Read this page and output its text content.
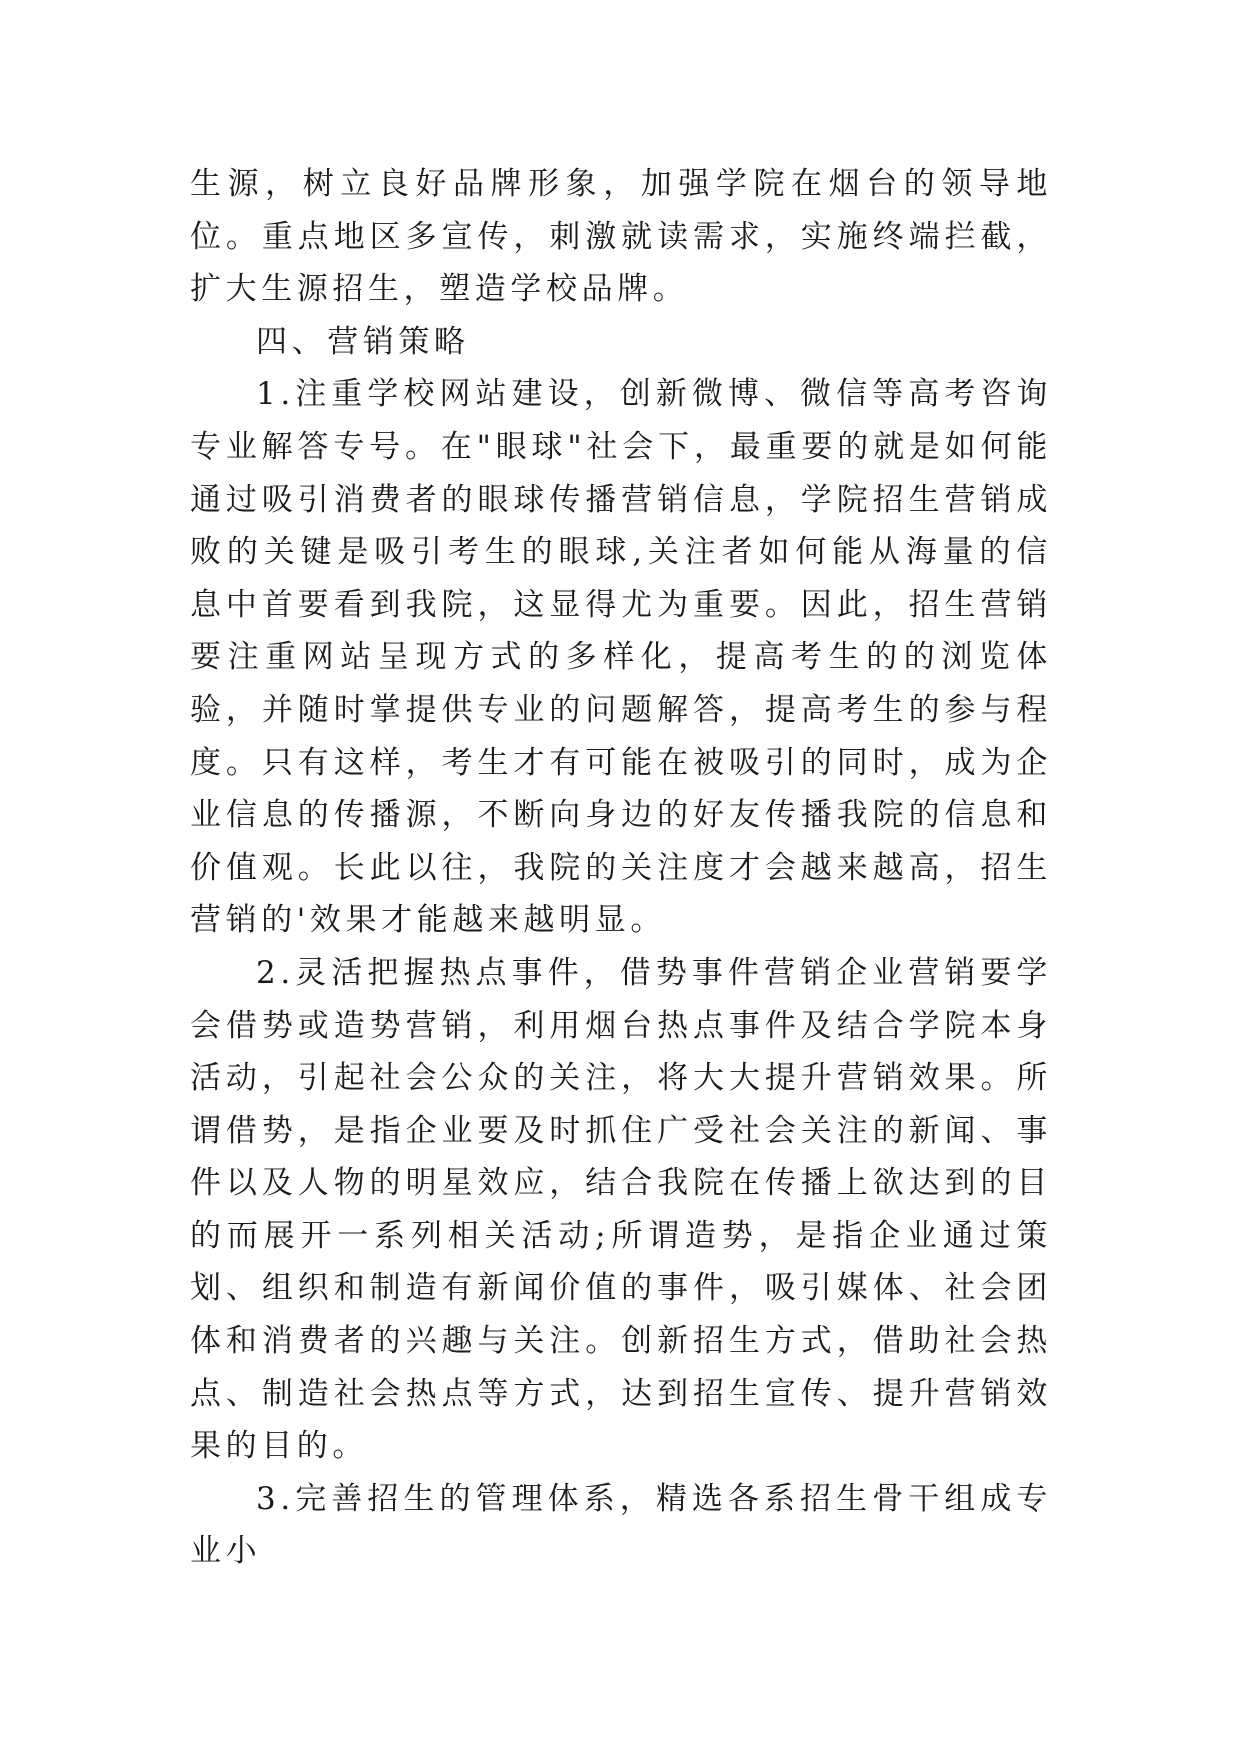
生源，树立良好品牌形象，加强学院在烟台的领导地位。重点地区多宣传，刺激就读需求，实施终端拦截，扩大生源招生，塑造学校品牌。

四、营销策略

1.注重学校网站建设，创新微博、微信等高考咨询专业解答专号。在"眼球"社会下，最重要的就是如何能通过吸引消费者的眼球传播营销信息，学院招生营销成败的关键是吸引考生的眼球,关注者如何能从海量的信息中首要看到我院，这显得尤为重要。因此，招生营销要注重网站呈现方式的多样化，提高考生的的浏览体验，并随时掌提供专业的问题解答，提高考生的参与程度。只有这样，考生才有可能在被吸引的同时，成为企业信息的传播源，不断向身边的好友传播我院的信息和价值观。长此以往，我院的关注度才会越来越高，招生营销的'效果才能越来越明显。

2.灵活把握热点事件，借势事件营销企业营销要学会借势或造势营销，利用烟台热点事件及结合学院本身活动，引起社会公众的关注，将大大提升营销效果。所谓借势，是指企业要及时抓住广受社会关注的新闻、事件以及人物的明星效应，结合我院在传播上欲达到的目的而展开一系列相关活动;所谓造势，是指企业通过策划、组织和制造有新闻价值的事件，吸引媒体、社会团体和消费者的兴趣与关注。创新招生方式，借助社会热点、制造社会热点等方式，达到招生宣传、提升营销效果的目的。

3.完善招生的管理体系，精选各系招生骨干组成专业小
